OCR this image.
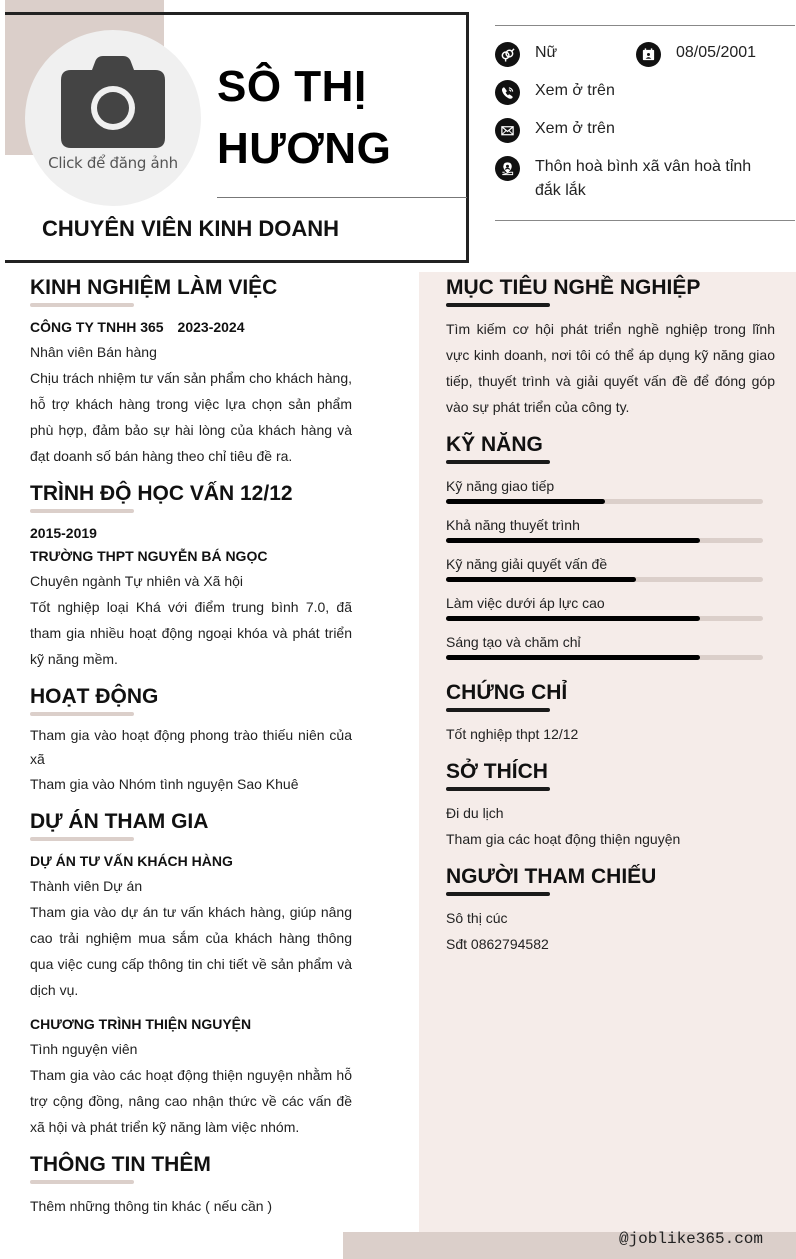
Click để đăng ảnh
SÔ THỊ
HƯƠNG
CHUYÊN VIÊN KINH DOANH
Nữ	08/05/2001
Xem ở trên
Xem ở trên
Thôn hoà bình xã vân hoà tỉnh đắk lắk
KINH NGHIỆM LÀM VIỆC
CÔNG TY TNHH 365 2023-2024
Nhân viên Bán hàng
Chịu trách nhiệm tư vấn sản phẩm cho khách hàng, hỗ trợ khách hàng trong việc lựa chọn sản phẩm phù hợp, đảm bảo sự hài lòng của khách hàng và đạt doanh số bán hàng theo chỉ tiêu đề ra.
TRÌNH ĐỘ HỌC VẤN 12/12
2015-2019
TRƯỜNG THPT NGUYỄN BÁ NGỌC
Chuyên ngành Tự nhiên và Xã hội
Tốt nghiệp loại Khá với điểm trung bình 7.0, đã tham gia nhiều hoạt động ngoại khóa và phát triển kỹ năng mềm.
HOẠT ĐỘNG
Tham gia vào hoạt động phong trào thiếu niên của xã
Tham gia vào Nhóm tình nguyện Sao Khuê
DỰ ÁN THAM GIA
DỰ ÁN TƯ VẤN KHÁCH HÀNG
Thành viên Dự án
Tham gia vào dự án tư vấn khách hàng, giúp nâng cao trải nghiệm mua sắm của khách hàng thông qua việc cung cấp thông tin chi tiết về sản phẩm và dịch vụ.
CHƯƠNG TRÌNH THIỆN NGUYỆN
Tình nguyện viên
Tham gia vào các hoạt động thiện nguyện nhằm hỗ trợ cộng đồng, nâng cao nhận thức về các vấn đề xã hội và phát triển kỹ năng làm việc nhóm.
THÔNG TIN THÊM
Thêm những thông tin khác ( nếu cần )
MỤC TIÊU NGHỀ NGHIỆP
Tìm kiếm cơ hội phát triển nghề nghiệp trong lĩnh vực kinh doanh, nơi tôi có thể áp dụng kỹ năng giao tiếp, thuyết trình và giải quyết vấn đề để đóng góp vào sự phát triển của công ty.
KỸ NĂNG
Kỹ năng giao tiếp
Khả năng thuyết trình
Kỹ năng giải quyết vấn đề
Làm việc dưới áp lực cao
Sáng tạo và chăm chỉ
CHỨNG CHỈ
Tốt nghiệp thpt 12/12
SỞ THÍCH
Đi du lịch
Tham gia các hoạt động thiện nguyện
NGƯỜI THAM CHIẾU
Sô thị cúc
Sđt 0862794582
@joblike365.com
